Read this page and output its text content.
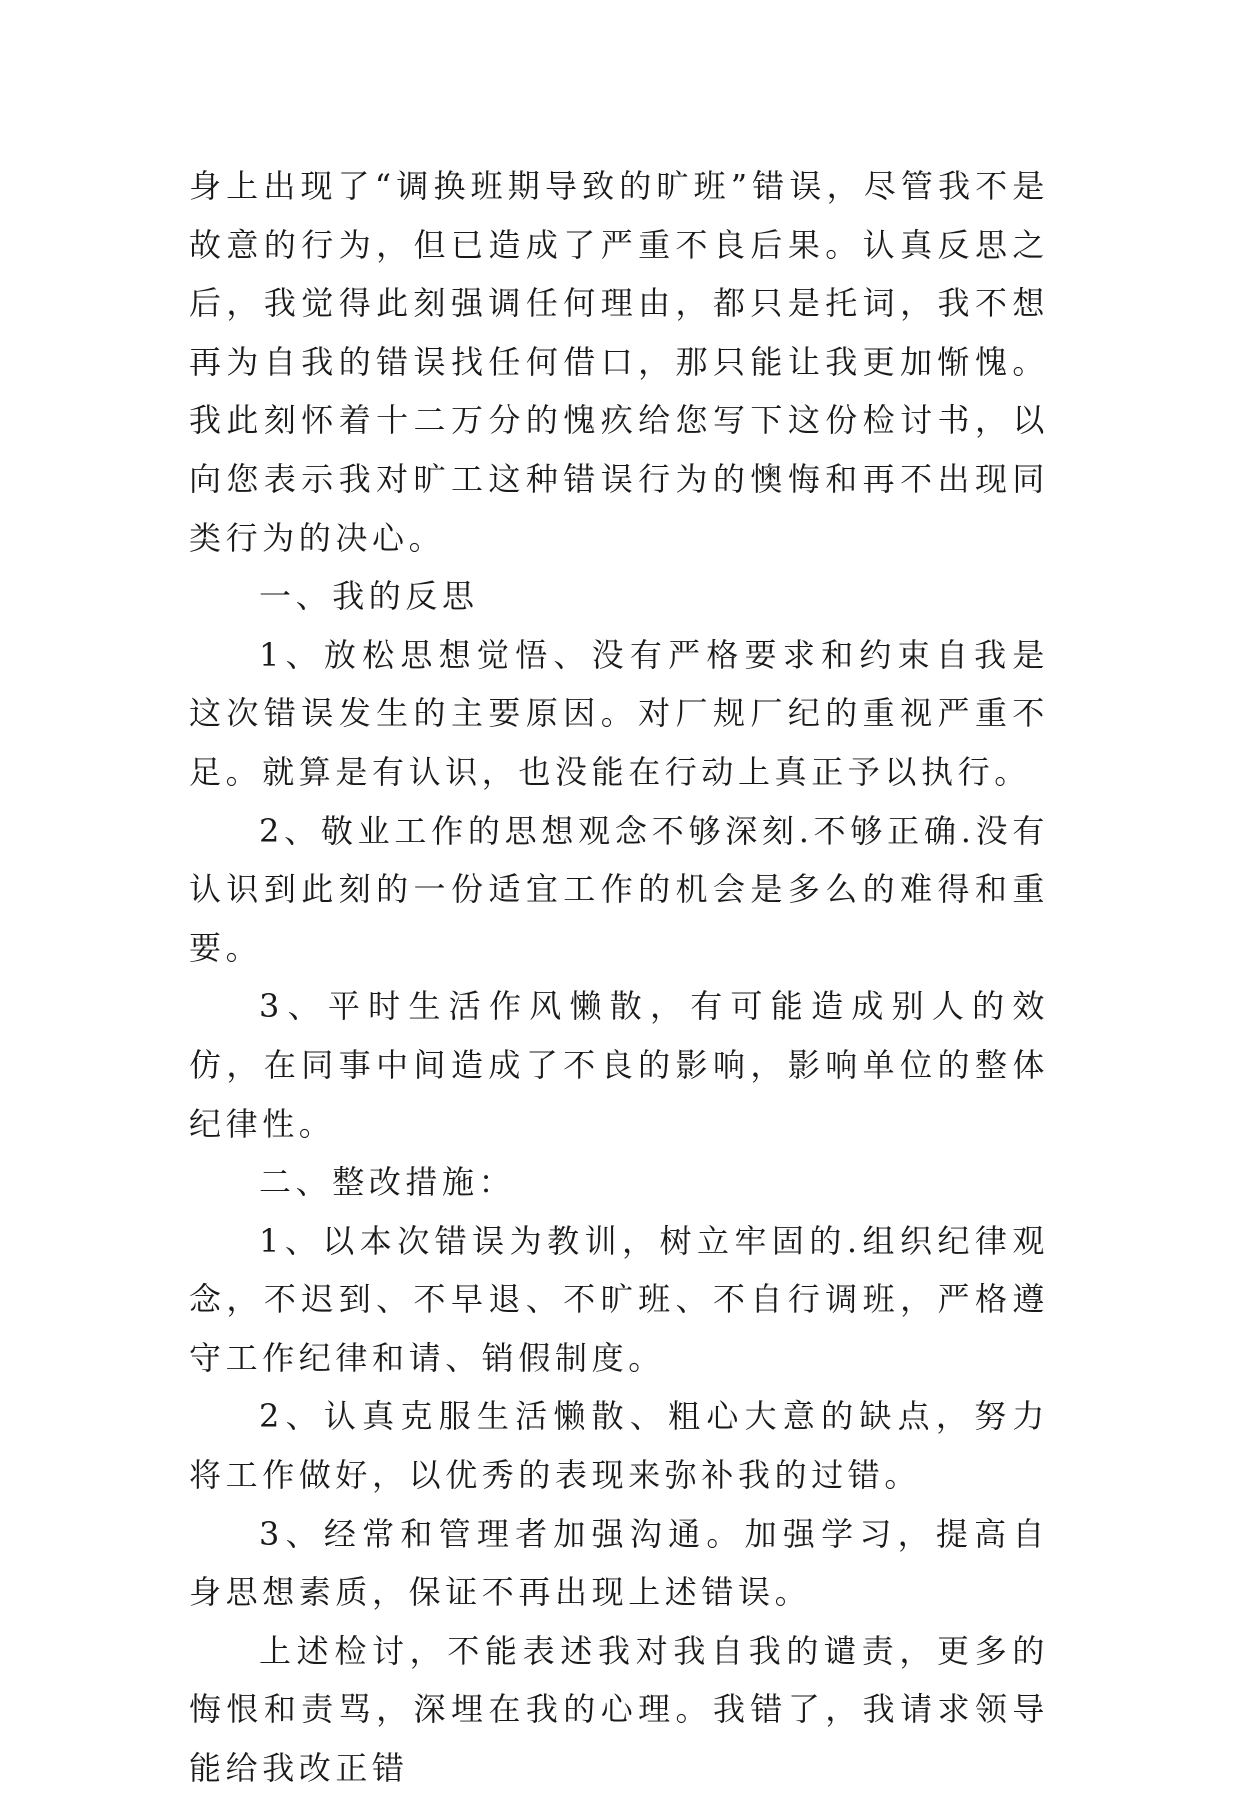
身上出现了“调换班期导致的旷班”错误，尽管我不是故意的行为，但已造成了严重不良后果。认真反思之后，我觉得此刻强调任何理由，都只是托词，我不想再为自我的错误找任何借口，那只能让我更加惭愧。我此刻怀着十二万分的愧疚给您写下这份检讨书，以向您表示我对旷工这种错误行为的懊悔和再不出现同类行为的决心。

一、我的反思

1、放松思想觉悟、没有严格要求和约束自我是这次错误发生的主要原因。对厂规厂纪的重视严重不足。就算是有认识，也没能在行动上真正予以执行。

2、敬业工作的思想观念不够深刻.不够正确.没有认识到此刻的一份适宜工作的机会是多么的难得和重要。

3、平时生活作风懒散，有可能造成别人的效仿，在同事中间造成了不良的影响，影响单位的整体纪律性。

二、整改措施：

1、以本次错误为教训，树立牢固的.组织纪律观念，不迟到、不早退、不旷班、不自行调班，严格遵守工作纪律和请、销假制度。

2、认真克服生活懒散、粗心大意的缺点，努力将工作做好，以优秀的表现来弥补我的过错。

3、经常和管理者加强沟通。加强学习，提高自身思想素质，保证不再出现上述错误。

上述检讨，不能表述我对我自我的谴责，更多的悔恨和责骂，深埋在我的心理。我错了，我请求领导能给我改正错
